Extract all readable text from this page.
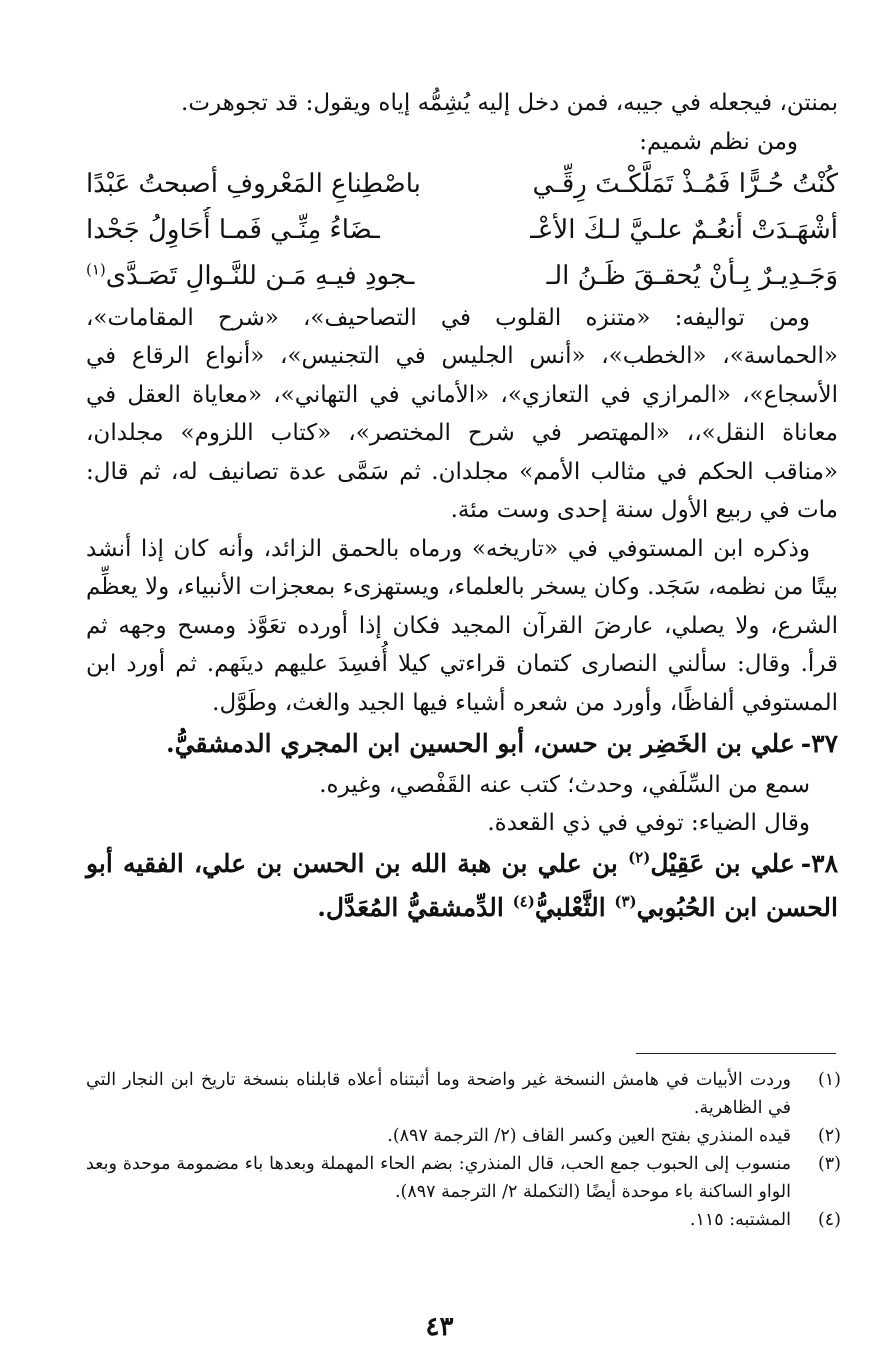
بمنتن، فيجعله في جيبه، فمن دخل إليه يُشِمُّه إياه ويقول: قد تجوهرت.

ومن نظم شميم:

كُنْتُ حُـرًّا فَمُـذْ تَمَلَّكْـتَ رِقِّـي
باصْطِناعِ المَعْروفِ أصبحتُ عَبْدًا
أشْهَـدَتْ أنعُـمٌ علـيَّ لـكَ الأعْـ
ـضَاءُ مِنِّـي فَمـا أُحَاوِلُ جَحْدا
وَجَـدِيـرٌ بِـأنْ يُحقـقَ ظَـنُ الـ
ـجودِ فيـهِ مَـن للنَّـوالِ تَصَـدَّى$^{(١)}$

ومن تواليفه: «متنزه القلوب في التصاحيف»، «شرح المقامات»، «الحماسة»، «الخطب»، «أنس الجليس في التجنيس»، «أنواع الرقاع في الأسجاع»، «المرازي في التعازي»، «الأماني في التهاني»، «معاياة العقل في معاناة النقل»،، «المهتصر في شرح المختصر»، «كتاب اللزوم» مجلدان، «مناقب الحكم في مثالب الأمم» مجلدان. ثم سَمَّى عدة تصانيف له، ثم قال: مات في ربيع الأول سنة إحدى وست مئة.

وذكره ابن المستوفي في «تاريخه» ورماه بالحمق الزائد، وأنه كان إذا أنشد بيتًا من نظمه، سَجَد. وكان يسخر بالعلماء، ويستهزىء بمعجزات الأنبياء، ولا يعظِّم الشرع، ولا يصلي، عارضَ القرآن المجيد فكان إذا أورده تعَوَّذ ومسح وجهه ثم قرأ. وقال: سألني النصارى كتمان قراءتي كيلا أُفسِدَ عليهم دينَهم. ثم أورد ابن المستوفي ألفاظًا، وأورد من شعره أشياء فيها الجيد والغث، وطَوَّل.

٣٧-علي بن الخَضِر بن حسن، أبو الحسين ابن المجري الدمشقيُّ.

سمع من السِّلَفي، وحدث؛ كتب عنه القَفْصي، وغيره.

وقال الضياء: توفي في ذي القعدة.

٣٨-علي بن عَقِيْل$^{(٢)}$ بن علي بن هبة الله بن الحسن بن علي، الفقيه أبو الحسن ابن الحُبُوبي$^{(٣)}$ الثَّعْلبيُّ$^{(٤)}$ الدِّمشقيُّ المُعَدَّل.

(١)
وردت الأبيات في هامش النسخة غير واضحة وما أثبتناه أعلاه قابلناه بنسخة تاريخ ابن النجار التي في الظاهرية.
(٢)
قيده المنذري بفتح العين وكسر القاف (٢/ الترجمة ٨٩٧).
(٣)
منسوب إلى الحبوب جمع الحب، قال المنذري: بضم الحاء المهملة وبعدها باء مضمومة موحدة وبعد الواو الساكنة باء موحدة أيضًا (التكملة ٢/ الترجمة ٨٩٧).
(٤)
المشتبه: ١١٥.
٤٣
